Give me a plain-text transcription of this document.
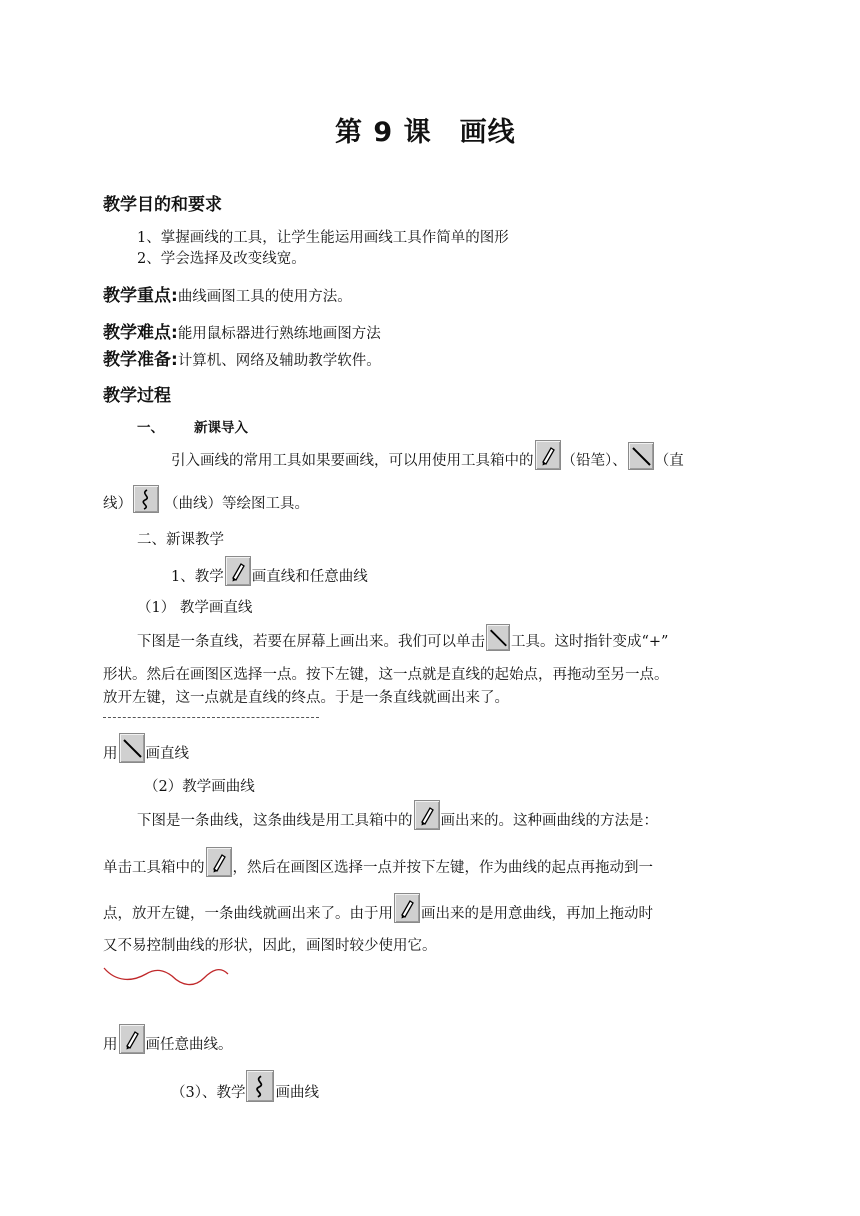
第 9 课　画线
教学目的和要求
1、掌握画线的工具，让学生能运用画线工具作简单的图形
2、学会选择及改变线宽。
教学重点:曲线画图工具的使用方法。
教学难点:能用鼠标器进行熟练地画图方法
教学准备:计算机、网络及辅助教学软件。
教学过程
一、 新课导入
引入画线的常用工具如果要画线，可以用使用工具箱中的 （铅笔）、 （直
线） （曲线）等绘图工具。
二、新课教学
1、教学 画直线和任意曲线
（1） 教学画直线
下图是一条直线，若要在屏幕上画出来。我们可以单击 工具。这时指针变成“+”
形状。然后在画图区选择一点。按下左键，这一点就是直线的起始点，再拖动至另一点。
放开左键，这一点就是直线的终点。于是一条直线就画出来了。
用 画直线
（2）教学画曲线
下图是一条曲线，这条曲线是用工具箱中的 画出来的。这种画曲线的方法是：
单击工具箱中的 ，然后在画图区选择一点并按下左键，作为曲线的起点再拖动到一
点，放开左键，一条曲线就画出来了。由于用 画出来的是用意曲线，再加上拖动时
又不易控制曲线的形状，因此，画图时较少使用它。
用 画任意曲线。
（3）、教学 画曲线
